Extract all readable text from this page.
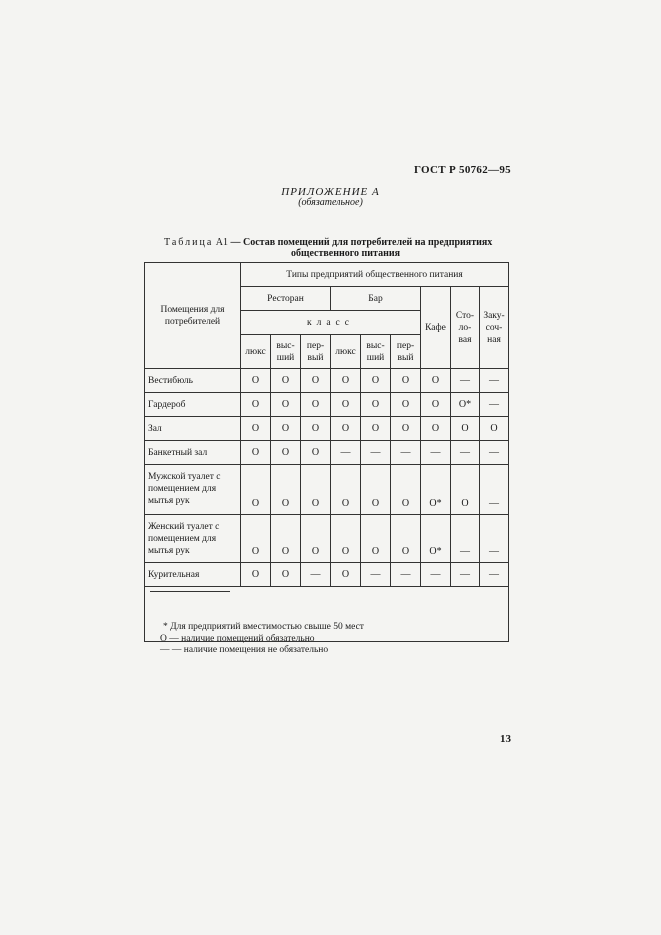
ГОСТ Р 50762—95
ПРИЛОЖЕНИЕ А
(обязательное)
Таблица А1 — Состав помещений для потребителей на предприятиях
общественного питания
Помещения для потребителей	Типы предприятий общественного питания								
	Ресторан			Бар			Кафе	Сто-ло-вая	Заку-соч-ная
	класс								
	люкс	выс-ший	пер-вый	люкс	выс-ший	пер-вый			
Вестибюль	О	О	О	О	О	О	О	—	—
Гардероб	О	О	О	О	О	О	О	О*	—
Зал	О	О	О	О	О	О	О	О	О
Банкетный зал	О	О	О	—	—	—	—	—	—
Мужской туалет с помещением для мытья рук	О	О	О	О	О	О	О*	О	—
Женский туалет с помещением для мытья рук	О	О	О	О	О	О	О*	—	—
Курительная	О	О	—	О	—	—	—	—	—
* Для предприятий вместимостью свыше 50 мест									
О — наличие помещений обязательно
— — наличие помещения не обязательно
13
